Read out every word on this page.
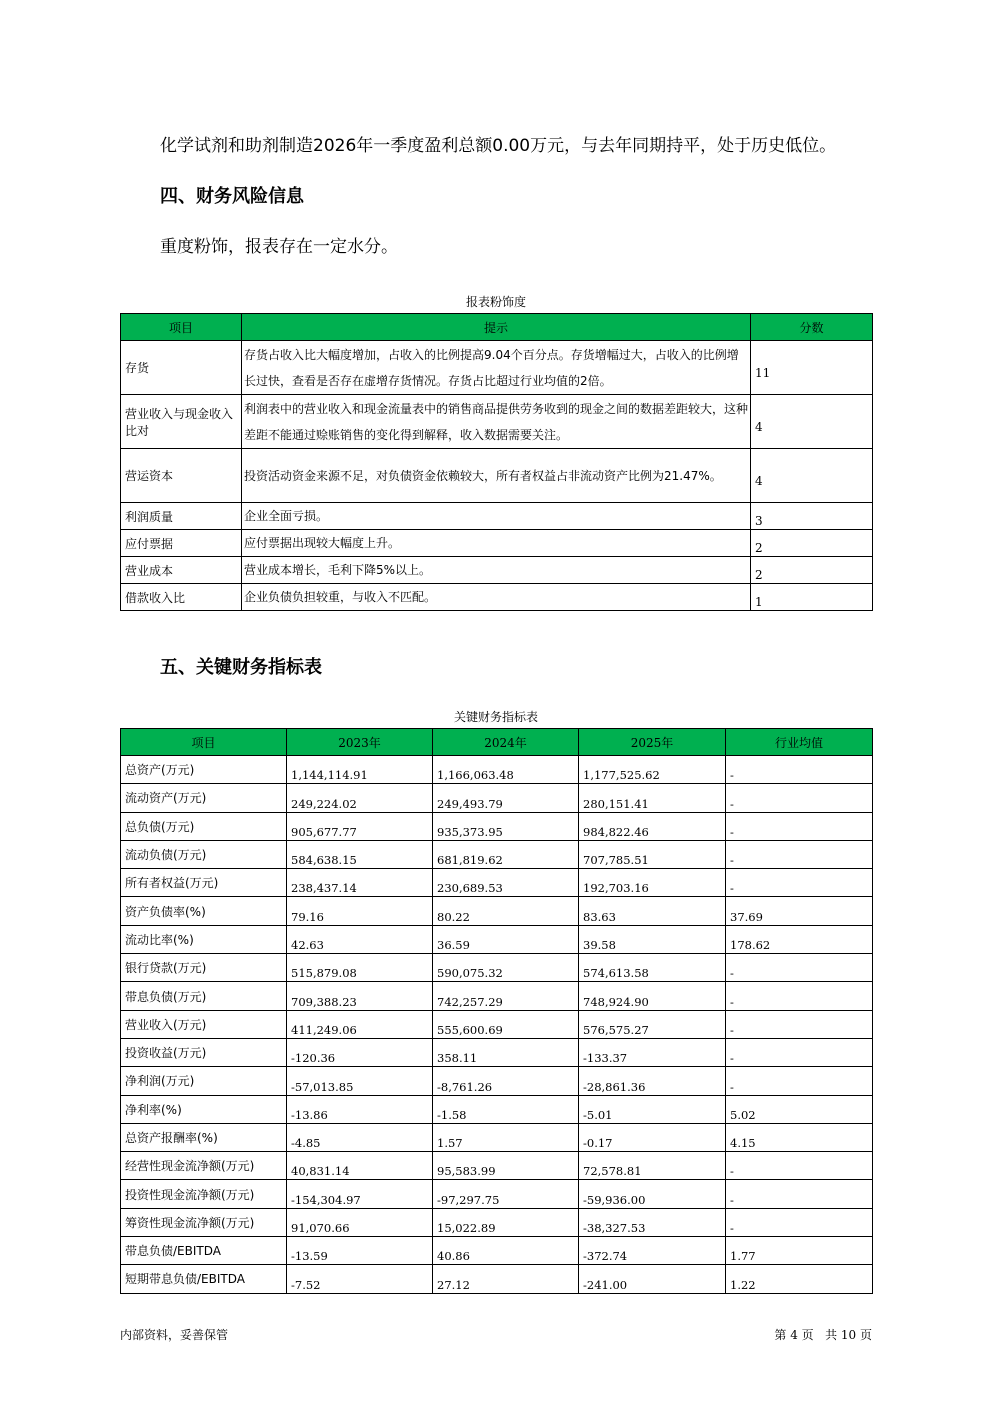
化学试剂和助剂制造2026年一季度盈利总额0.00万元，与去年同期持平，处于历史低位。
四、财务风险信息
重度粉饰，报表存在一定水分。
报表粉饰度
项目	提示	分数
存货	存货占收入比大幅度增加，占收入的比例提高9.04个百分点。存货增幅过大，占收入的比例增长过快，查看是否存在虚增存货情况。存货占比超过行业均值的2倍。	11
营业收入与现金收入比对	利润表中的营业收入和现金流量表中的销售商品提供劳务收到的现金之间的数据差距较大，这种差距不能通过赊账销售的变化得到解释，收入数据需要关注。	4
营运资本	投资活动资金来源不足，对负债资金依赖较大，所有者权益占非流动资产比例为21.47%。	4
利润质量	企业全面亏损。	3
应付票据	应付票据出现较大幅度上升。	2
营业成本	营业成本增长，毛利下降5%以上。	2
借款收入比	企业负债负担较重，与收入不匹配。	1
五、关键财务指标表
关键财务指标表
项目	2023年	2024年	2025年	行业均值
总资产(万元)	1,144,114.91	1,166,063.48	1,177,525.62	-
流动资产(万元)	249,224.02	249,493.79	280,151.41	-
总负债(万元)	905,677.77	935,373.95	984,822.46	-
流动负债(万元)	584,638.15	681,819.62	707,785.51	-
所有者权益(万元)	238,437.14	230,689.53	192,703.16	-
资产负债率(%)	79.16	80.22	83.63	37.69
流动比率(%)	42.63	36.59	39.58	178.62
银行贷款(万元)	515,879.08	590,075.32	574,613.58	-
带息负债(万元)	709,388.23	742,257.29	748,924.90	-
营业收入(万元)	411,249.06	555,600.69	576,575.27	-
投资收益(万元)	-120.36	358.11	-133.37	-
净利润(万元)	-57,013.85	-8,761.26	-28,861.36	-
净利率(%)	-13.86	-1.58	-5.01	5.02
总资产报酬率(%)	-4.85	1.57	-0.17	4.15
经营性现金流净额(万元)	40,831.14	95,583.99	72,578.81	-
投资性现金流净额(万元)	-154,304.97	-97,297.75	-59,936.00	-
筹资性现金流净额(万元)	91,070.66	15,022.89	-38,327.53	-
带息负债/EBITDA	-13.59	40.86	-372.74	1.77
短期带息负债/EBITDA	-7.52	27.12	-241.00	1.22
内部资料，妥善保管	第 4 页   共 10 页
